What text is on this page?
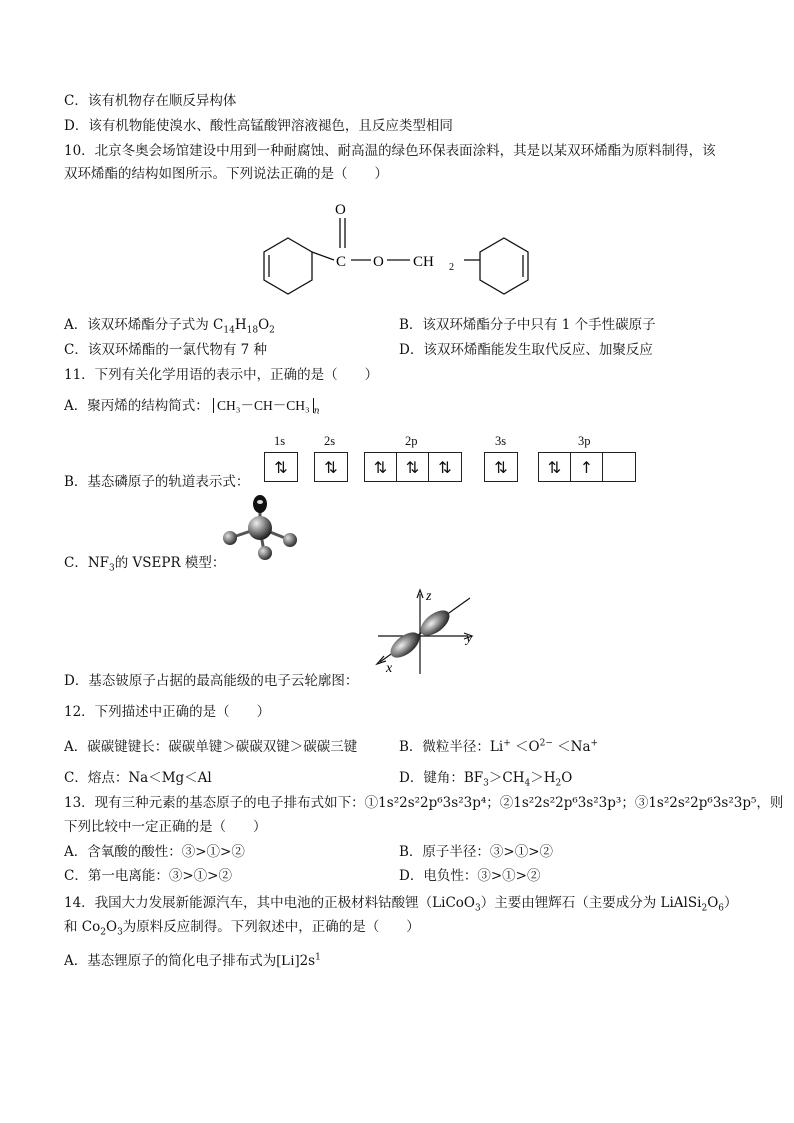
C．该有机物存在顺反异构体
D．该有机物能使溴水、酸性高锰酸钾溶液褪色，且反应类型相同
10．北京冬奥会场馆建设中用到一种耐腐蚀、耐高温的绿色环保表面涂料，其是以某双环烯酯为原料制得，该
双环烯酯的结构如图所示。下列说法正确的是（　　）
O
C O CH 2
A．该双环烯酯分子式为 $C_{14}H_{18}O_2$	B．该双环烯酯分子中只有 1 个手性碳原子
C．该双环烯酯的一氯代物有 7 种	D．该双环烯酯能发生取代反应、加聚反应
11．下列有关化学用语的表示中，正确的是（　　）
A．聚丙烯的结构简式： CH₃－CH－CH₃ $_n$
1s	2s	2p	3s	3p
⇅	⇅	⇅	⇅	⇅	⇅	⇅	↑
B．基态磷原子的轨道表示式：
C．$NF_3$的 VSEPR 模型：
z
y
x
D．基态铍原子占据的最高能级的电子云轮廓图：
12．下列描述中正确的是（　　）
A．碳碳键键长：碳碳单键＞碳碳双键＞碳碳三键	B．微粒半径：$Li^+ <O^{2-} <Na^+$
C．熔点：Na＜Mg＜Al	D．键角：$BF_3>CH_4>H_2O$
13．现有三种元素的基态原子的电子排布式如下：①1s²2s²2p⁶3s²3p⁴；②1s²2s²2p⁶3s²3p³；③1s²2s²2p⁶3s²3p⁵，则
下列比较中一定正确的是（　　）
A．含氧酸的酸性：③>①>②	B．原子半径：③>①>②
C．第一电离能：③>①>②	D．电负性：③>①>②
14．我国大力发展新能源汽车，其中电池的正极材料钴酸锂（LiCoO$_3$）主要由锂辉石（主要成分为 $LiAlSi_2O_6$）
和 $Co_2O_3$为原料反应制得。下列叙述中，正确的是（　　）
A．基态锂原子的简化电子排布式为$[Li]2s^1$
